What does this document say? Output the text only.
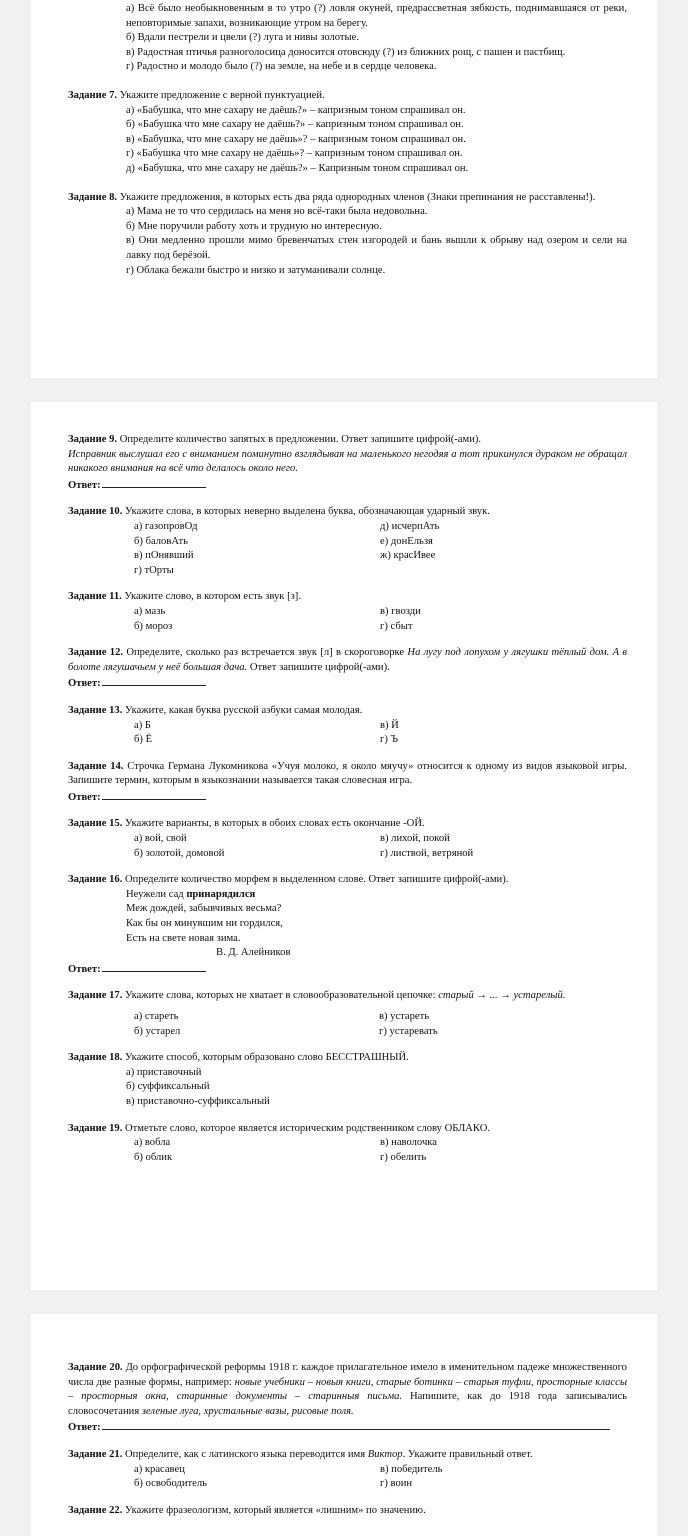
а) Всё было необыкновенным в то утро (?) ловля окуней, предрассветная зябкость, поднимавшаяся от реки, неповторимые запахи, возникающие утром на берегу.
б) Вдали пестрели и цвели (?) луга и нивы золотые.
в) Радостная птичья разноголосица доносится отовсюду (?) из ближних рощ, с пашен и пастбищ.
г) Радостно и молодо было (?) на земле, на небе и в сердце человека.
Задание 7. Укажите предложение с верной пунктуацией.
а) «Бабушка, что мне сахару не даёшь?» – капризным тоном спрашивал он.
б) «Бабушка что мне сахару не даёшь?» – капризным тоном спрашивал он.
в) «Бабушка, что мне сахару не даёшь»? – капризным тоном спрашивал он.
г) «Бабушка что мне сахару не даёшь»? – капризным тоном спрашивал он.
д) «Бабушка, что мне сахару не даёшь?» – Капризным тоном спрашивал он.
Задание 8. Укажите предложения, в которых есть два ряда однородных членов (Знаки препинания не расставлены!).
а) Мама не то что сердилась на меня но всё-таки была недовольна.
б) Мне поручили работу хоть и трудную но интересную.
в) Они медленно прошли мимо бревенчатых стен изгородей и бань вышли к обрыву над озером и сели на лавку под берёзой.
г) Облака бежали быстро и низко и затуманивали солнце.
Задание 9. Определите количество запятых в предложении. Ответ запишите цифрой(-ами).
Исправник выслушал его с вниманием поминутно взглядывая на маленького негодяя а тот прикинулся дураком не обращал никакого внимания на всё что делалось около него.
Ответ:
Задание 10. Укажите слова, в которых неверно выделена буква, обозначающая ударный звук.
а) газопровОд	д) исчерпАть
б) баловАть	е) донЕльзя
в) пОнявший	ж) красИвее
г) тОрты
Задание 11. Укажите слово, в котором есть звук [з].
а) мазь	в) гвозди
б) мороз	г) сбыт
Задание 12. Определите, сколько раз встречается звук [л] в скороговорке На лугу под лопухом у лягушки тёплый дом. А в болоте лягушачьем у неё большая дача. Ответ запишите цифрой(-ами).
Ответ:
Задание 13. Укажите, какая буква русской азбуки самая молодая.
а) Б	в) Й
б) Ё	г) Ъ
Задание 14. Строчка Германа Лукомникова «Учуя молоко, я около мяучу» относится к одному из видов языковой игры. Запишите термин, которым в языкознании называется такая словесная игра.
Ответ:
Задание 15. Укажите варианты, в которых в обоих словах есть окончание -ОЙ.
а) вой, свой	в) лихой, покой
б) золотой, домовой	г) листвой, ветряной
Задание 16. Определите количество морфем в выделенном слове. Ответ запишите цифрой(-ами).
Неужели сад принарядился
Меж дождей, забывчивых весьма?
Как бы он минувшим ни гордился,
Есть на свете новая зима.
В. Д. Алейников
Ответ:
Задание 17. Укажите слова, которых не хватает в словообразовательной цепочке: старый → ... → устарелый.
а) стареть	в) устареть
б) устарел	г) устаревать
Задание 18. Укажите способ, которым образовано слово БЕССТРАШНЫЙ.
а) приставочный
б) суффиксальный
в) приставочно-суффиксальный
Задание 19. Отметьте слово, которое является историческим родственником слову ОБЛАКО.
а) вобла	в) наволочка
б) облик	г) обелить
Задание 20. До орфографической реформы 1918 г. каждое прилагательное имело в именительном падеже множественного числа две разные формы, например: новые учебники – новыя книги, старые ботинки – старыя туфли, просторные классы – просторныя окна, старинные документы – старинныя письма. Напишите, как до 1918 года записывались словосочетания зеленые луга, хрустальные вазы, рисовые поля.
Ответ:
Задание 21. Определите, как с латинского языка переводится имя Виктор. Укажите правильный ответ.
а) красавец	в) победитель
б) освободитель	г) воин
Задание 22. Укажите фразеологизм, который является «лишним» по значению.
